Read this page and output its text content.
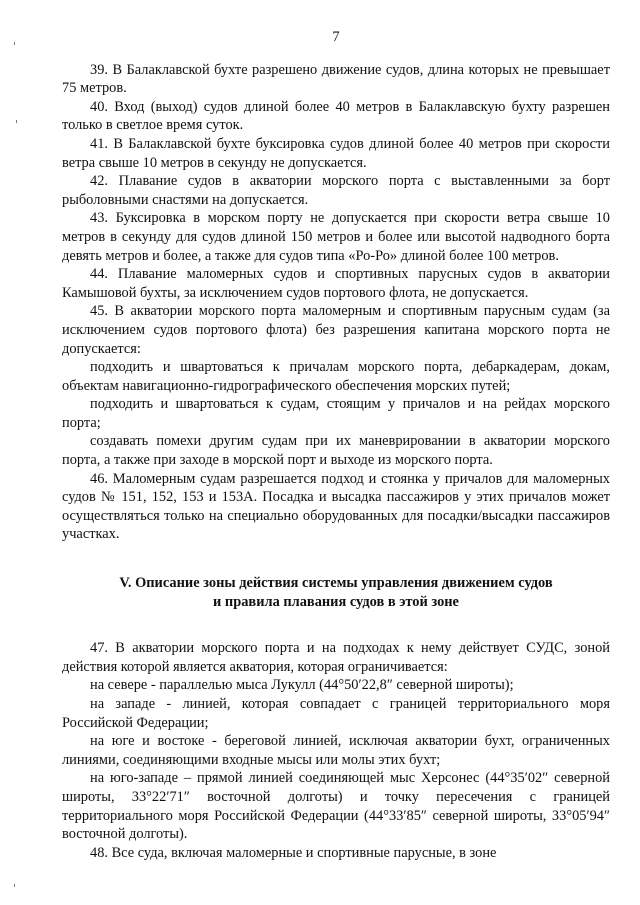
7

39. В Балаклавской бухте разрешено движение судов, длина которых не превышает 75 метров.

40. Вход (выход) судов длиной более 40 метров в Балаклавскую бухту разрешен только в светлое время суток.

41. В Балаклавской бухте буксировка судов длиной более 40 метров при скорости ветра свыше 10 метров в секунду не допускается.

42. Плавание судов в акватории морского порта с выставленными за борт рыболовными снастями на допускается.

43. Буксировка в морском порту не допускается при скорости ветра свыше 10 метров в секунду для судов длиной 150 метров и более или высотой надводного борта девять метров и более, а также для судов типа «Ро-Ро» длиной более 100 метров.

44. Плавание маломерных судов и спортивных парусных судов в акватории Камышовой бухты, за исключением судов портового флота, не допускается.

45. В акватории морского порта маломерным и спортивным парусным судам (за исключением судов портового флота) без разрешения капитана морского порта не допускается:

подходить и швартоваться к причалам морского порта, дебаркадерам, докам, объектам навигационно-гидрографического обеспечения морских путей;

подходить и швартоваться к судам, стоящим у причалов и на рейдах морского порта;

создавать помехи другим судам при их маневрировании в акватории морского порта, а также при заходе в морской порт и выходе из морского порта.

46. Маломерным судам разрешается подход и стоянка у причалов для маломерных судов № 151, 152, 153 и 153А. Посадка и высадка пассажиров у этих причалов может осуществляться только на специально оборудованных для посадки/высадки пассажиров участках.

V. Описание зоны действия системы управления движением судов
и правила плавания судов в этой зоне

47. В акватории морского порта и на подходах к нему действует СУДС, зоной действия которой является акватория, которая ограничивается:

на севере - параллелью мыса Лукулл (44°50′22,8″ северной широты);

на западе - линией, которая совпадает с границей территориального моря Российской Федерации;

на юге и востоке - береговой линией, исключая акватории бухт, ограниченных линиями, соединяющими входные мысы или молы этих бухт;

на юго-западе – прямой линией соединяющей мыс Херсонес (44°35′02″ северной широты, 33°22′71″ восточной долготы) и точку пересечения с границей территориального моря Российской Федерации (44°33′85″ северной широты, 33°05′94″ восточной долготы).

48. Все суда, включая маломерные и спортивные парусные, в зоне
